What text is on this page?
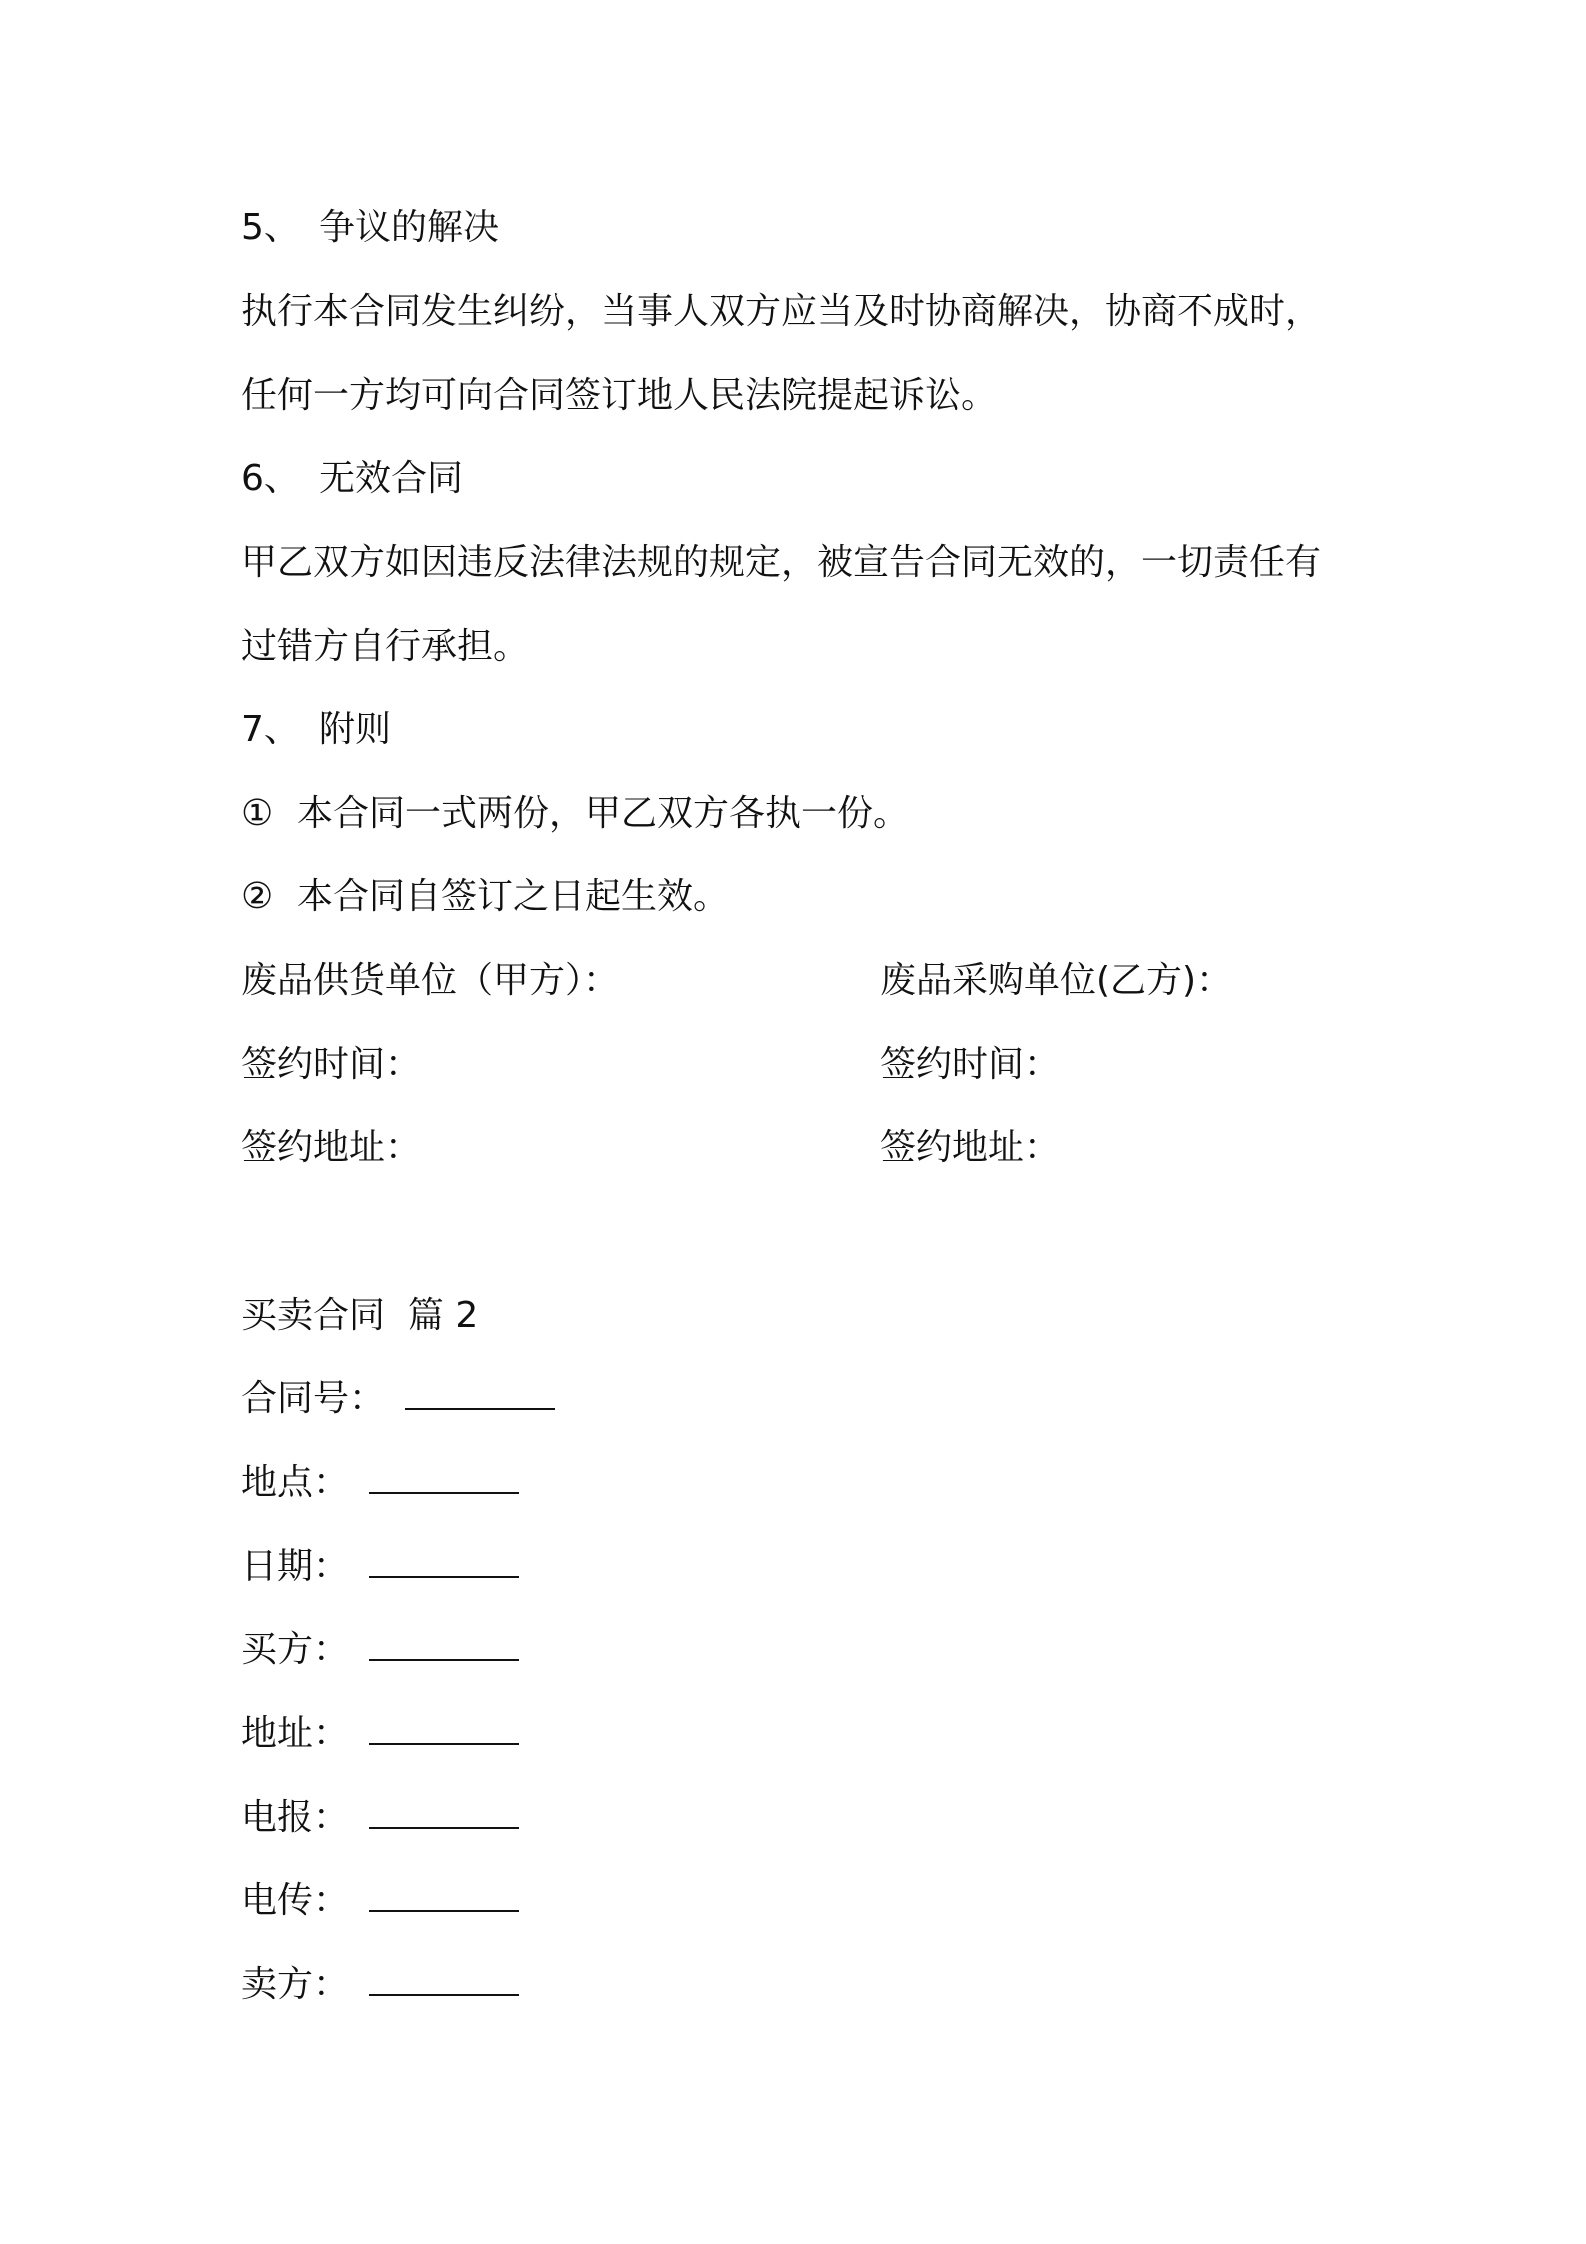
5、 争议的解决
执行本合同发生纠纷，当事人双方应当及时协商解决，协商不成时，
任何一方均可向合同签订地人民法院提起诉讼。
6、 无效合同
甲乙双方如因违反法律法规的规定，被宣告合同无效的，一切责任有
过错方自行承担。
7、 附则
① 本合同一式两份，甲乙双方各执一份。
② 本合同自签订之日起生效。
废品供货单位（甲方）：	废品采购单位(乙方)：
签约时间：	签约时间：
签约地址：	签约地址：
买卖合同  篇 2
合同号：
地点：
日期：
买方：
地址：
电报：
电传：
卖方：
